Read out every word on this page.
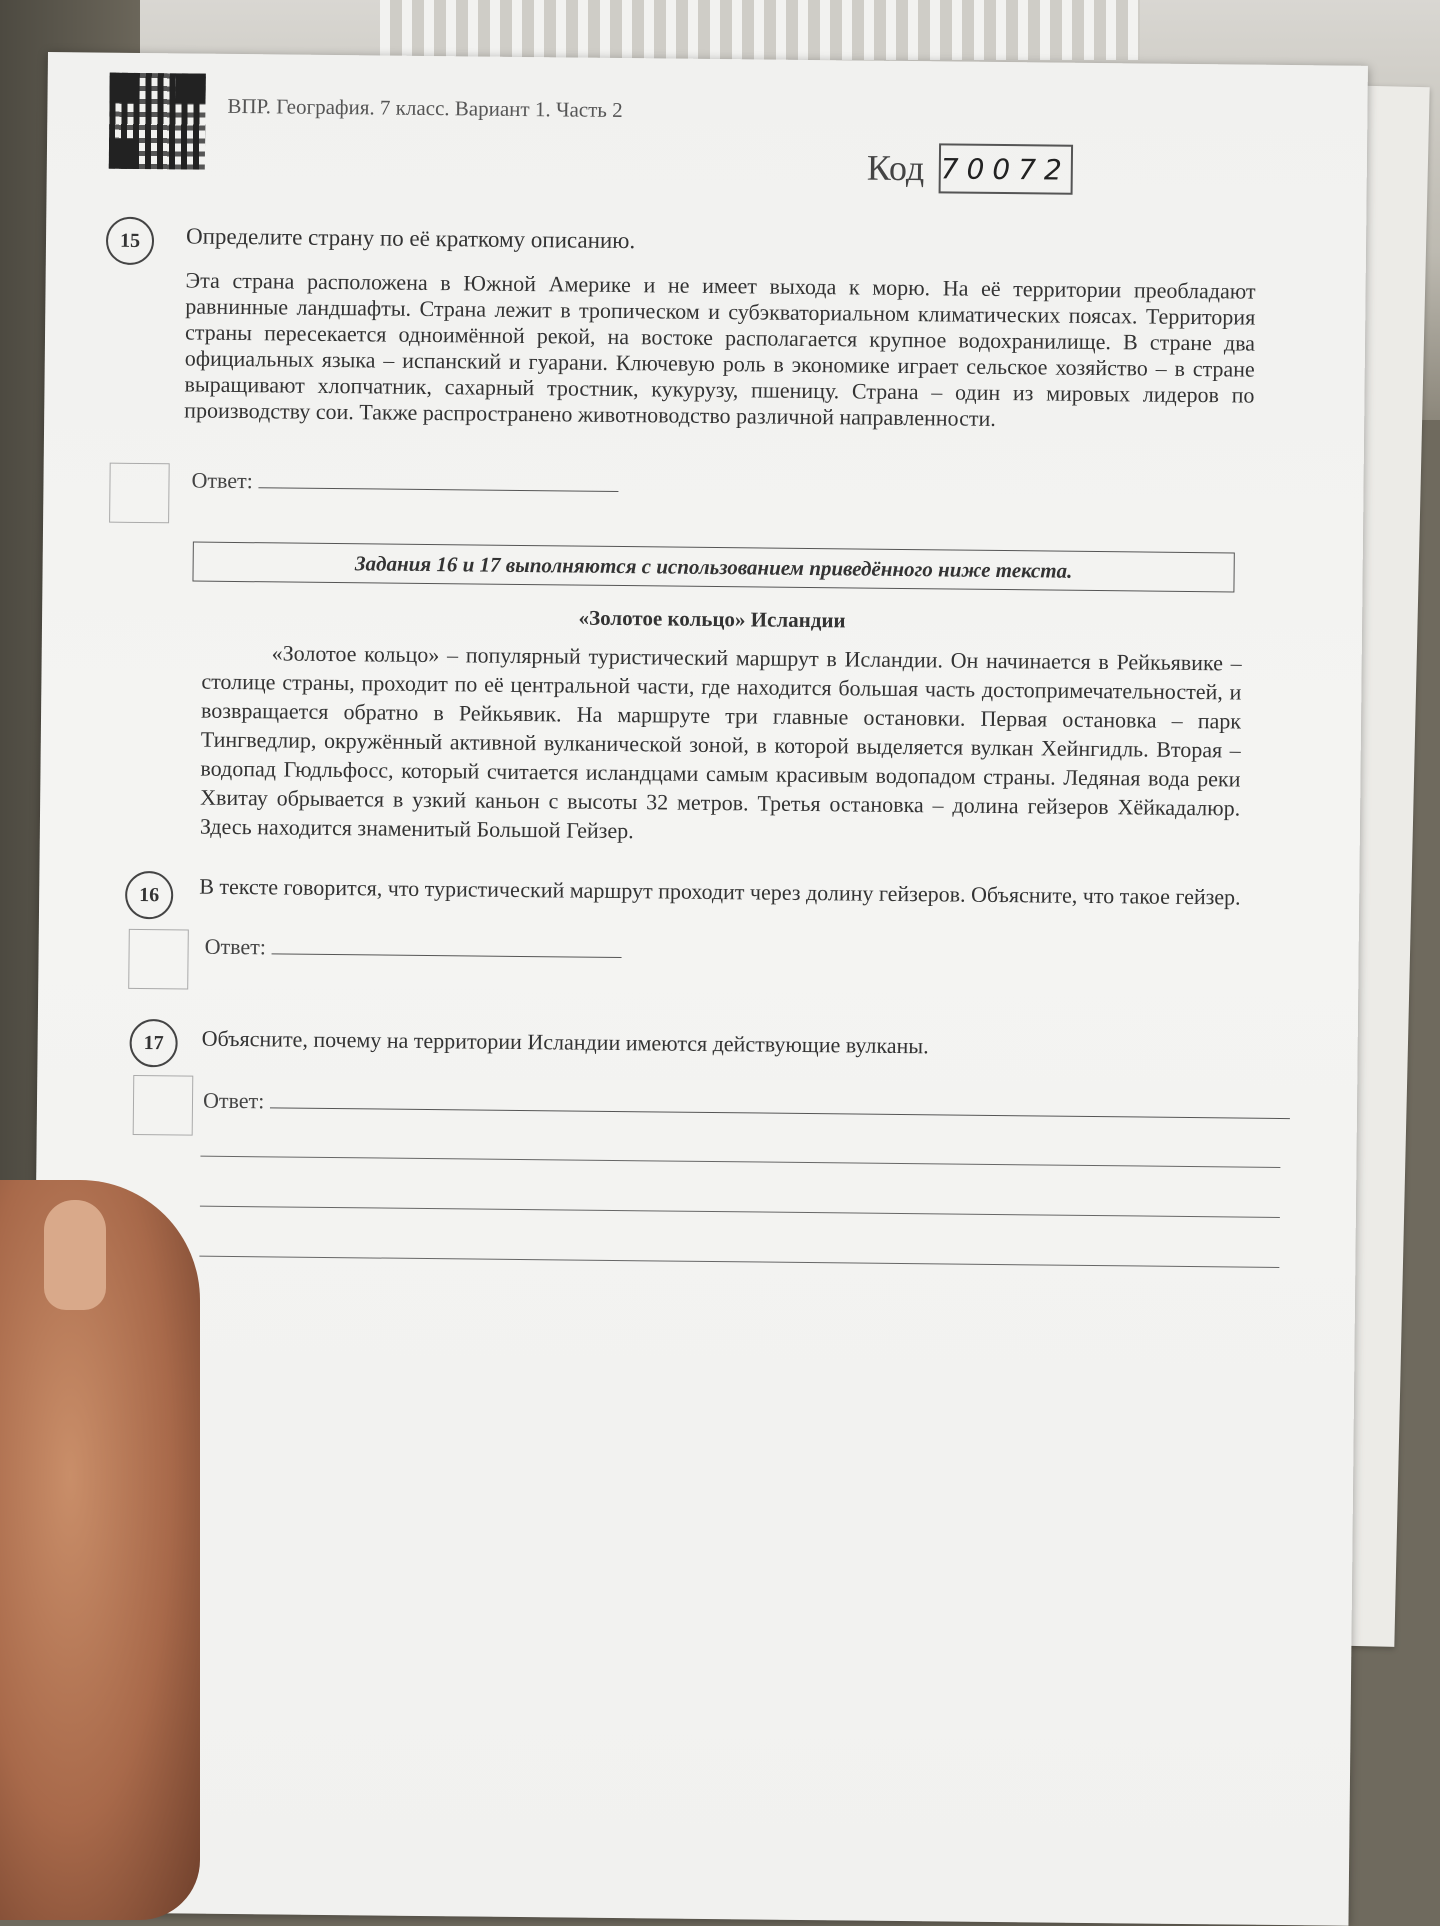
ВПР. География. 7 класс. Вариант 1. Часть 2
Код 70072
15	Определите страну по её краткому описанию.
Эта страна расположена в Южной Америке и не имеет выхода к морю. На её территории преобладают равнинные ландшафты. Страна лежит в тропическом и субэкваториальном климатических поясах. Территория страны пересекается одноимённой рекой, на востоке располагается крупное водохранилище. В стране два официальных языка – испанский и гуарани. Ключевую роль в экономике играет сельское хозяйство – в стране выращивают хлопчатник, сахарный тростник, кукурузу, пшеницу. Страна – один из мировых лидеров по производству сои. Также распространено животноводство различной направленности.
Ответ:
Задания 16 и 17 выполняются с использованием приведённого ниже текста.
«Золотое кольцо» Исландии
«Золотое кольцо» – популярный туристический маршрут в Исландии. Он начинается в Рейкьявике – столице страны, проходит по её центральной части, где находится большая часть достопримечательностей, и возвращается обратно в Рейкьявик. На маршруте три главные остановки. Первая остановка – парк Тингведлир, окружённый активной вулканической зоной, в которой выделяется вулкан Хейнгидль. Вторая – водопад Гюдльфосс, который считается исландцами самым красивым водопадом страны. Ледяная вода реки Хвитау обрывается в узкий каньон с высоты 32 метров. Третья остановка – долина гейзеров Хёйкадалюр. Здесь находится знаменитый Большой Гейзер.
16	В тексте говорится, что туристический маршрут проходит через долину гейзеров. Объясните, что такое гейзер.
Ответ:
17	Объясните, почему на территории Исландии имеются действующие вулканы.
Ответ:
